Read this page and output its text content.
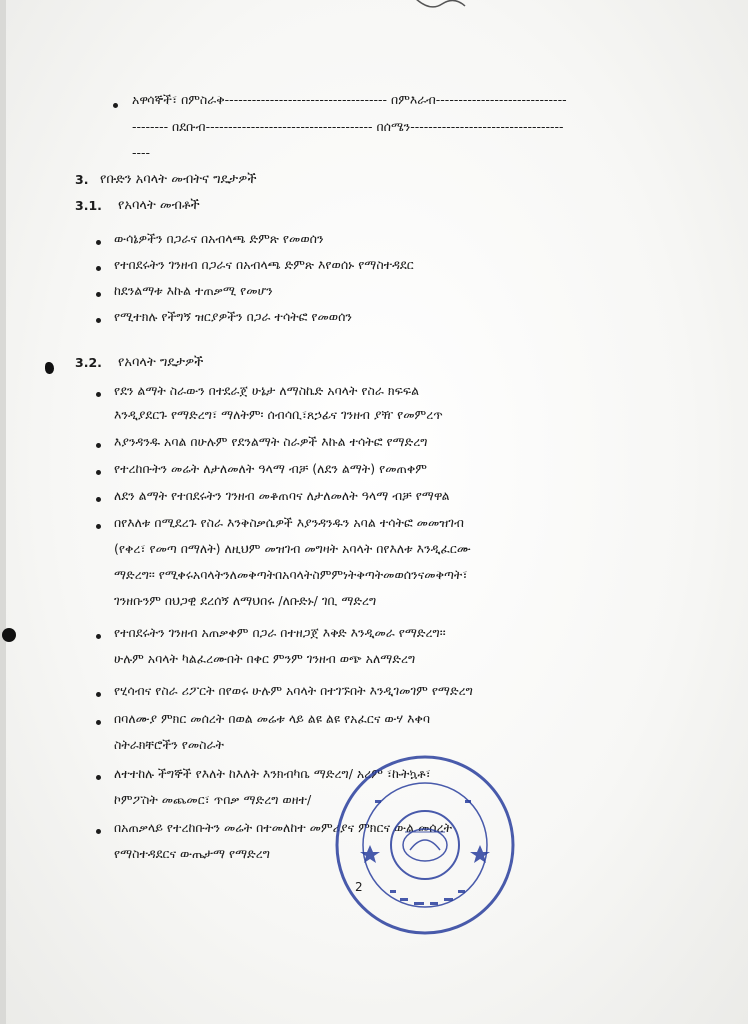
አዋሳኞች፣ በምስራቅ------------------------------------ በምእራብ-----------------------------
-------- በደቡብ------------------------------------- በሰሜን----------------------------------
----
3. የቡድን አባላት መብትና ግዴታዎች
3.1. የአባላት መብቶች
ውሳኔዎችን በጋራና በአብላጫ ድምጽ የመወሰን
የተበደሩትን ገንዘብ በጋራና በአብላጫ ድምጽ እየወሰኑ የማስተዳደር
ከደንልማቱ እኩል ተጠቃሚ የመሆን
የሚተክሉ የችግኝ ዝርያዎችን በጋራ ተሳትፎ የመወሰን
3.2. የአባላት ግዴታዎች
የደን ልማት ስራውን በተደራጀ ሁኔታ ለማስኬድ አባላት የስራ ክፍፍል
እንዲያደርጉ የማድረግ፣ ማለትም፡ ሰብሳቢ፣ጸኃፊና ገንዘብ ያዥ የመምረጥ
እያንዳንዱ አባል በሁሉም የደንልማት ስራዎች እኩል ተሳትፎ የማድረግ
የተረከቡትን መሬት ለታለመለት ዓላማ ብቻ (ለደን ልማት) የመጠቀም
ለደን ልማት የተበደሩትን ገንዘብ መቆጠባና ለታለመለት ዓላማ ብቻ የማዋል
በየእለቱ በሚደረጉ የስራ እንቅስቃሴዎች እያንዳንዱን አባል ተሳትፎ መመዝገብ
(የቀረ፣ የመጣ በማለት) ለዚህም መዝገብ መግዛት አባላት በየእለቱ እንዲፈርሙ
ማድረግ፡፡ የሚቀሩአባላትንለመቅጣትበአባላትስምምነትቅጣትመወሰንናመቅጣት፣
ገንዘቡንም በህጋዊ ደረሰኝ ለማህበሩ /ለቡድኑ/ ገቢ ማድረግ
የተበደሩትን ገንዘብ አጠቃቀም በጋራ በተዘጋጀ እቅድ እንዲመራ የማድረግ፡፡
ሁሉም አባላት ካልፈረሙበት በቀር ምንም ገንዘብ ወጭ አለማድረግ
የሂሳብና የስራ ሪፖርት በየወሩ ሁሉም አባላት በተገኙበት እንዲገመገም የማድረግ
በባለሙያ ምክር መሰረት በወል መሬቱ ላይ ልዩ ልዩ የአፈርና ውሃ እቀባ
ስትራክቸሮችን የመስራት
ለተተከሉ ችግኞች የእለት ከእለት እንክብካቤ ማድረግ/ አረም ፣ኩትኳቶ፣
ኮምፖስት መጨመር፣ ጥበቃ ማድረግ ወዘተ/
በአጠቃላይ የተረከቡትን መሬት በተመለከተ መምሪያና ምክርና ውል መሰረት
የማስተዳደርና ውጤታማ የማድረግ
2
